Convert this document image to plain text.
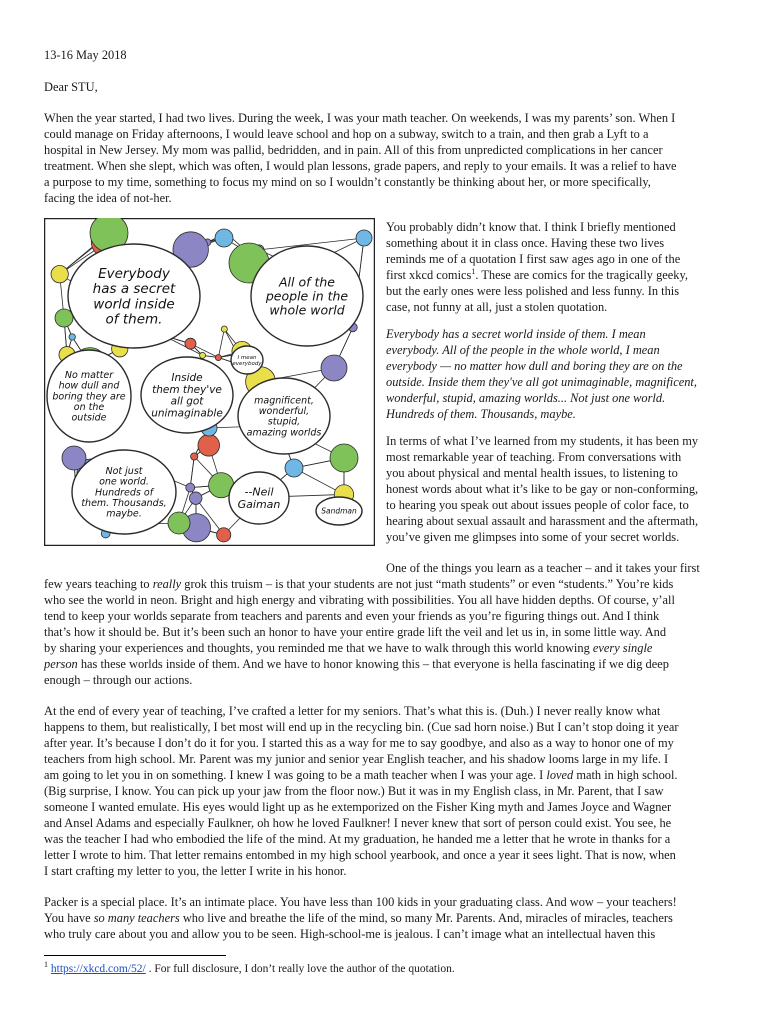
13-16 May 2018
Dear STU,
When the year started, I had two lives. During the week, I was your math teacher. On weekends, I was my parents’ son. When I
could manage on Friday afternoons, I would leave school and hop on a subway, switch to a train, and then grab a Lyft to a
hospital in New Jersey. My mom was pallid, bedridden, and in pain. All of this from unpredicted complications in her cancer
treatment. When she slept, which was often, I would plan lessons, grade papers, and reply to your emails. It was a relief to have
a purpose to my time, something to focus my mind on so I wouldn’t constantly be thinking about her, or more specifically,
facing the idea of not-her.
Everybody
has a secret
world inside
of them.
All of the
people in the
whole world
I mean
everybody
No matter
how dull and
boring they are
on the
outside
Inside
them they've
all got
unimaginable
magnificent,
wonderful,
stupid,
amazing worlds
Not just
one world.
Hundreds of
them. Thousands,
maybe.
--Neil
Gaiman
Sandman
You probably didn’t know that. I think I briefly mentioned
something about it in class once. Having these two lives
reminds me of a quotation I first saw ages ago in one of the
first xkcd comics$^1$. These are comics for the tragically geeky,
but the early ones were less polished and less funny. In this
case, not funny at all, just a stolen quotation.
Everybody has a secret world inside of them. I mean
everybody. All of the people in the whole world, I mean
everybody — no matter how dull and boring they are on the
outside. Inside them they've all got unimaginable, magnificent,
wonderful, stupid, amazing worlds... Not just one world.
Hundreds of them. Thousands, maybe.
In terms of what I’ve learned from my students, it has been my
most remarkable year of teaching. From conversations with
you about physical and mental health issues, to listening to
honest words about what it’s like to be gay or non-conforming,
to hearing you speak out about issues people of color face, to
hearing about sexual assault and harassment and the aftermath,
you’ve given me glimpses into some of your secret worlds.
One of the things you learn as a teacher – and it takes your first
few years teaching to really grok this truism – is that your students are not just “math students” or even “students.” You’re kids
who see the world in neon. Bright and high energy and vibrating with possibilities. You all have hidden depths. Of course, y’all
tend to keep your worlds separate from teachers and parents and even your friends as you’re figuring things out. And I think
that’s how it should be. But it’s been such an honor to have your entire grade lift the veil and let us in, in some little way. And
by sharing your experiences and thoughts, you reminded me that we have to walk through this world knowing every single
person has these worlds inside of them. And we have to honor knowing this – that everyone is hella fascinating if we dig deep
enough – through our actions.
At the end of every year of teaching, I’ve crafted a letter for my seniors. That’s what this is. (Duh.) I never really know what
happens to them, but realistically, I bet most will end up in the recycling bin. (Cue sad horn noise.) But I can’t stop doing it year
after year. It’s because I don’t do it for you. I started this as a way for me to say goodbye, and also as a way to honor one of my
teachers from high school. Mr. Parent was my junior and senior year English teacher, and his shadow looms large in my life. I
am going to let you in on something. I knew I was going to be a math teacher when I was your age. I loved math in high school.
(Big surprise, I know. You can pick up your jaw from the floor now.) But it was in my English class, in Mr. Parent, that I saw
someone I wanted emulate. His eyes would light up as he extemporized on the Fisher King myth and James Joyce and Wagner
and Ansel Adams and especially Faulkner, oh how he loved Faulkner! I never knew that sort of person could exist. You see, he
was the teacher I had who embodied the life of the mind. At my graduation, he handed me a letter that he wrote in thanks for a
letter I wrote to him. That letter remains entombed in my high school yearbook, and once a year it sees light. That is now, when
I start crafting my letter to you, the letter I write in his honor.
Packer is a special place. It’s an intimate place. You have less than 100 kids in your graduating class. And wow – your teachers!
You have so many teachers who live and breathe the life of the mind, so many Mr. Parents. And, miracles of miracles, teachers
who truly care about you and allow you to be seen. High-school-me is jealous. I can’t image what an intellectual haven this
$^1$ https://xkcd.com/52/ . For full disclosure, I don’t really love the author of the quotation.
